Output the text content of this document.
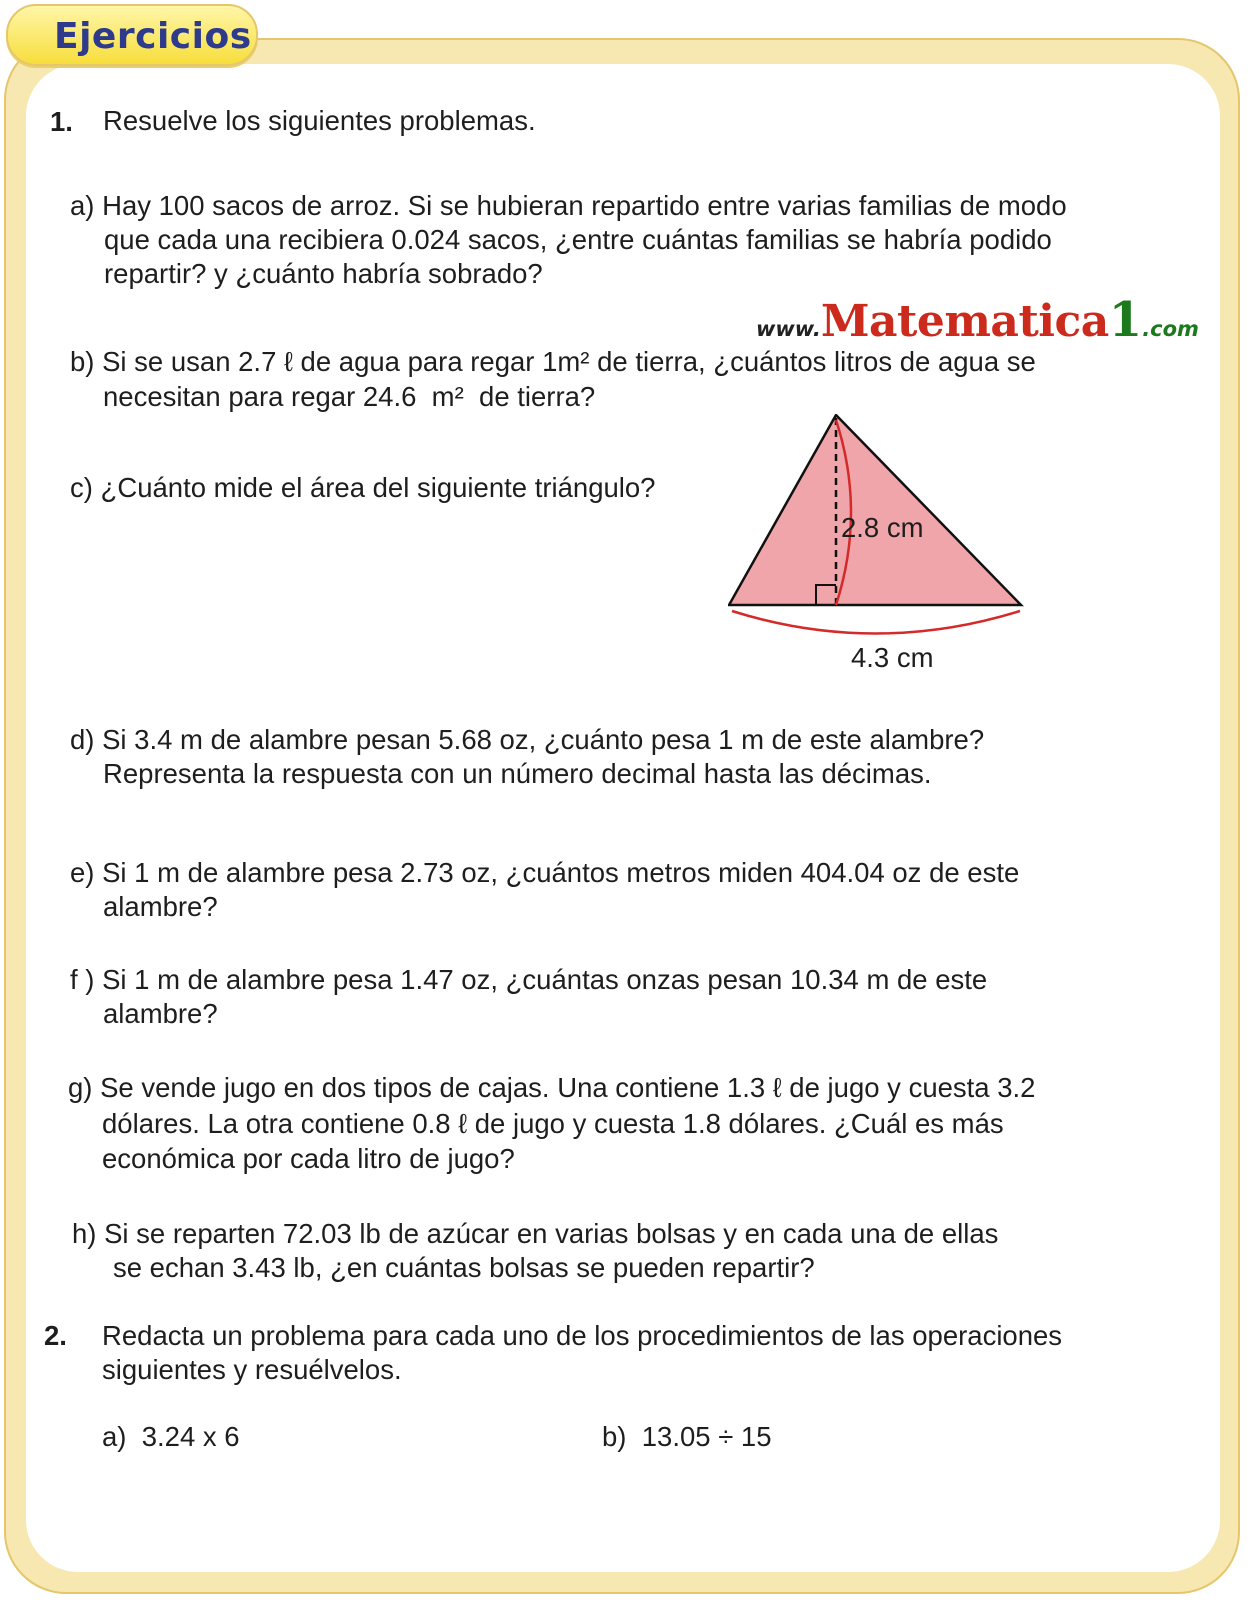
Ejercicios
1. Resuelve los siguientes problemas.
a) Hay 100 sacos de arroz. Si se hubieran repartido entre varias familias de modo
que cada una recibiera 0.024 sacos, ¿entre cuántas familias se habría podido
repartir? y ¿cuánto habría sobrado?
www.Matematica1.com
b) Si se usan 2.7 ℓ de agua para regar 1m² de tierra, ¿cuántos litros de agua se
necesitan para regar 24.6  m²  de tierra?
c) ¿Cuánto mide el área del siguiente triángulo?
2.8 cm
4.3 cm
d) Si 3.4 m de alambre pesan 5.68 oz, ¿cuánto pesa 1 m de este alambre?
Representa la respuesta con un número decimal hasta las décimas.
e) Si 1 m de alambre pesa 2.73 oz, ¿cuántos metros miden 404.04 oz de este
alambre?
f ) Si 1 m de alambre pesa 1.47 oz, ¿cuántas onzas pesan 10.34 m de este
alambre?
g) Se vende jugo en dos tipos de cajas. Una contiene 1.3 ℓ de jugo y cuesta 3.2
dólares. La otra contiene 0.8 ℓ de jugo y cuesta 1.8 dólares. ¿Cuál es más
económica por cada litro de jugo?
h) Si se reparten 72.03 lb de azúcar en varias bolsas y en cada una de ellas
se echan 3.43 lb, ¿en cuántas bolsas se pueden repartir?
2. Redacta un problema para cada uno de los procedimientos de las operaciones
siguientes y resuélvelos.
a)  3.24 x 6	b)  13.05 ÷ 15
